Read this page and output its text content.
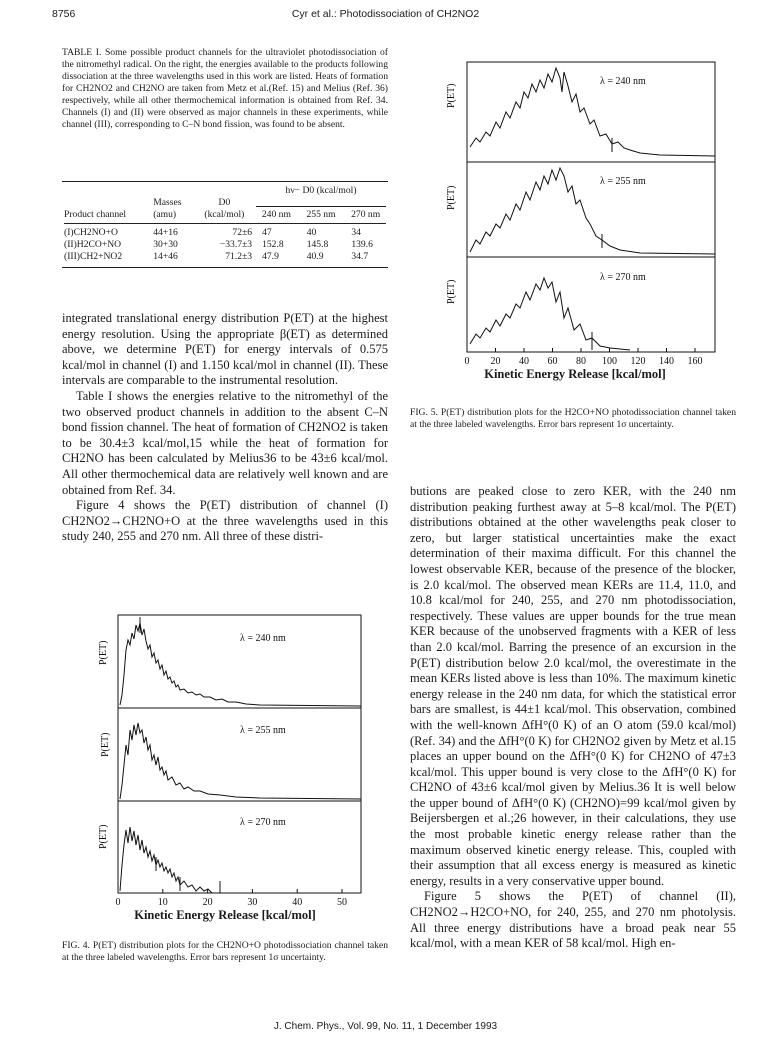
8756	Cyr et al.: Photodissociation of CH2NO2
TABLE I. Some possible product channels for the ultraviolet photodissociation of the nitromethyl radical. On the right, the energies available to the products following dissociation at the three wavelengths used in this work are listed. Heats of formation for CH2NO2 and CH2NO are taken from Metz et al.(Ref. 15) and Melius (Ref. 36) respectively, while all other thermochemical information is obtained from Ref. 34. Channels (I) and (II) were observed as major channels in these experiments, while channel (III), corresponding to C–N bond fission, was found to be absent.
			hν− D0 (kcal/mol)		
	Masses	D0			

Product channel	(amu)	(kcal/mol)	240 nm	255 nm	270 nm

(I)CH2NO+O	44+16	72±6	47	40	34
(II)H2CO+NO	30+30	−33.7±3	152.8	145.8	139.6
(III)CH2+NO2	14+46	71.2±3	47.9	40.9	34.7

integrated translational energy distribution P(ET) at the highest energy resolution. Using the appropriate β(ET) as determined above, we determine P(ET) for energy intervals of 0.575 kcal/mol in channel (I) and 1.150 kcal/mol in channel (II). These intervals are comparable to the instrumental resolution.

Table I shows the energies relative to the nitromethyl of the two observed product channels in addition to the absent C–N bond fission channel. The heat of formation of CH2NO2 is taken to be 30.4±3 kcal/mol,15 while the heat of formation for CH2NO has been calculated by Melius36 to be 43±6 kcal/mol. All other thermochemical data are relatively well known and are obtained from Ref. 34.

Figure 4 shows the P(ET) distribution of channel (I) CH2NO2→CH2NO+O at the three wavelengths used in this study 240, 255 and 270 nm. All three of these distri-

λ = 240 nm
λ = 255 nm
λ = 270 nm
P(ET)
P(ET)
P(ET)
0	10	20	30	40	50
Kinetic Energy Release [kcal/mol]
FIG. 4. P(ET) distribution plots for the CH2NO+O photodissociation channel taken at the three labeled wavelengths. Error bars represent 1σ uncertainty.
λ = 240 nm
λ = 255 nm
λ = 270 nm
P(ET)
P(ET)
P(ET)
0 20 40 60 80 100 120 140 160
Kinetic Energy Release [kcal/mol]
FIG. 5. P(ET) distribution plots for the H2CO+NO photodissociation channel taken at the three labeled wavelengths. Error bars represent 1σ uncertainty.

butions are peaked close to zero KER, with the 240 nm distribution peaking furthest away at 5–8 kcal/mol. The P(ET) distributions obtained at the other wavelengths peak closer to zero, but larger statistical uncertainties make the exact determination of their maxima difficult. For this channel the lowest observable KER, because of the presence of the blocker, is 2.0 kcal/mol. The observed mean KERs are 11.4, 11.0, and 10.8 kcal/mol for 240, 255, and 270 nm photodissociation, respectively. These values are upper bounds for the true mean KER because of the unobserved fragments with a KER of less than 2.0 kcal/mol. Barring the presence of an excursion in the P(ET) distribution below 2.0 kcal/mol, the overestimate in the mean KERs listed above is less than 10%. The maximum kinetic energy release in the 240 nm data, for which the statistical error bars are smallest, is 44±1 kcal/mol. This observation, combined with the well-known ΔfH°(0 K) of an O atom (59.0 kcal/mol) (Ref. 34) and the ΔfH°(0 K) for CH2NO2 given by Metz et al.15 places an upper bound on the ΔfH°(0 K) for CH2NO of 47±3 kcal/mol. This upper bound is very close to the ΔfH°(0 K) for CH2NO of 43±6 kcal/mol given by Melius.36 It is well below the upper bound of ΔfH°(0 K) (CH2NO)=99 kcal/mol given by Beijersbergen et al.;26 however, in their calculations, they use the most probable kinetic energy release rather than the maximum observed kinetic energy release. This, coupled with their assumption that all excess energy is measured as kinetic energy, results in a very conservative upper bound.

Figure 5 shows the P(ET) of channel (II), CH2NO2→H2CO+NO, for 240, 255, and 270 nm photolysis. All three energy distributions have a broad peak near 55 kcal/mol, with a mean KER of 58 kcal/mol. High en-

J. Chem. Phys., Vol. 99, No. 11, 1 December 1993
